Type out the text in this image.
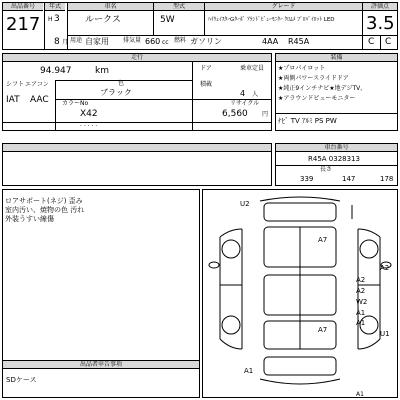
出品番号
217
年式
H 3
8 月
車名
ルークス
型式
5W
グレード
ﾊｲｳｪｲｽﾀｰGﾀｰﾎﾞ ｱﾗﾝﾄﾞﾋﾞｭｰﾓﾆﾀｰ ｸﾛﾑﾒ ﾌﾟﾛﾊﾟｲﾛｯﾄ LED
評価点
3.5
用途 自家用 排気量 660 cc 燃料 ガソリン	4AA R45A	C C
走行
94.947	km	ドア	乗車定員
シフト エアコン
IAT AAC
色
ブラック
カラーNo
X42
積載
4 人
リサイクル
6,560 円
· · · · ·
装備
★プロパイロット
★両側パワースライドドア
★純正9インチナビ★地デジTV、
★アラウンドビューモニター
ﾅﾋﾞ TV ｱﾙﾐ PS PW
車台番号
R45A 0328313
長さ
339	147	178
ロアサポート(ネジ) 歪み
室内汚い、焼物の色 汚れ
外装うすい線傷
出品者申告事項
SDケース
U2
A7
A2
A2
A2
W2
A1
A1
A7	U1
A1
A1
